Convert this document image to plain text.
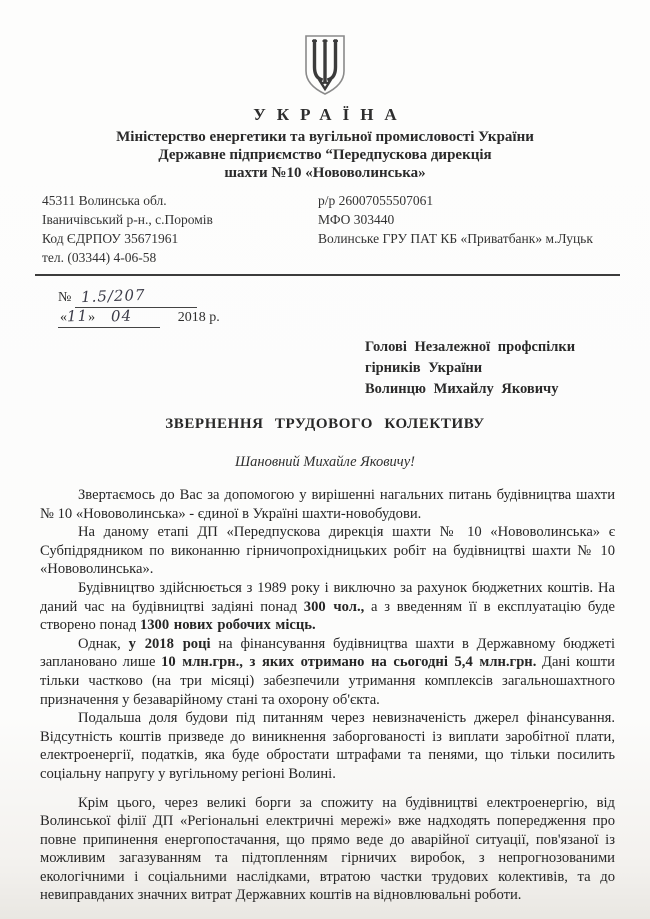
УКРАЇНА
Міністерство енергетики та вугільної промисловості України
Державне підприємство “Передпускова дирекція
шахти №10 «Нововолинська»
45311 Волинська обл.
Іваничівський р-н., с.Поромів
Код ЄДРПОУ 35671961
тел. (03344) 4-06-58
р/р 26007055507061
МФО 303440
Волинське ГРУ ПАТ КБ «Приватбанк» м.Луцьк
№ 1.5/207
«11» 04	2018 р.
Голові Незалежної профспілки
гірників України
Волинцю Михайлу Яковичу
ЗВЕРНЕННЯ ТРУДОВОГО КОЛЕКТИВУ
Шановний Михайле Яковичу!

Звертаємось до Вас за допомогою у вирішенні нагальних питань будівництва шахти № 10 «Нововолинська» - єдиної в Україні шахти-новобудови.

На даному етапі ДП «Передпускова дирекція шахти № 10 «Нововолинська» є Субпідрядником по виконанню гірничопрохідницьких робіт на будівництві шахти № 10 «Нововолинська».

Будівництво здійснюється з 1989 року і виключно за рахунок бюджетних коштів. На даний час на будівництві задіяні понад 300 чол., а з введенням її в експлуатацію буде створено понад 1300 нових робочих місць.

Однак, у 2018 році на фінансування будівництва шахти в Державному бюджеті заплановано лише 10 млн.грн., з яких отримано на сьогодні 5,4 млн.грн. Дані кошти тільки частково (на три місяці) забезпечили утримання комплексів загальношахтного призначення у безаварійному стані та охорону об'єкта.

Подальша доля будови під питанням через невизначеність джерел фінансування. Відсутність коштів призведе до виникнення заборгованості із виплати заробітної плати, електроенергії, податків, яка буде обростати штрафами та пенями, що тільки посилить соціальну напругу у вугільному регіоні Волині.

Крім цього, через великі борги за спожиту на будівництві електроенергію, від Волинської філії ДП «Регіональні електричні мережі» вже надходять попередження про повне припинення енергопостачання, що прямо веде до аварійної ситуації, пов'язаної із можливим загазуванням та підтопленням гірничих виробок, з непрогнозованими екологічними і соціальними наслідками, втратою частки трудових колективів, та до невиправданих значних витрат Державних коштів на відновлювальні роботи.
